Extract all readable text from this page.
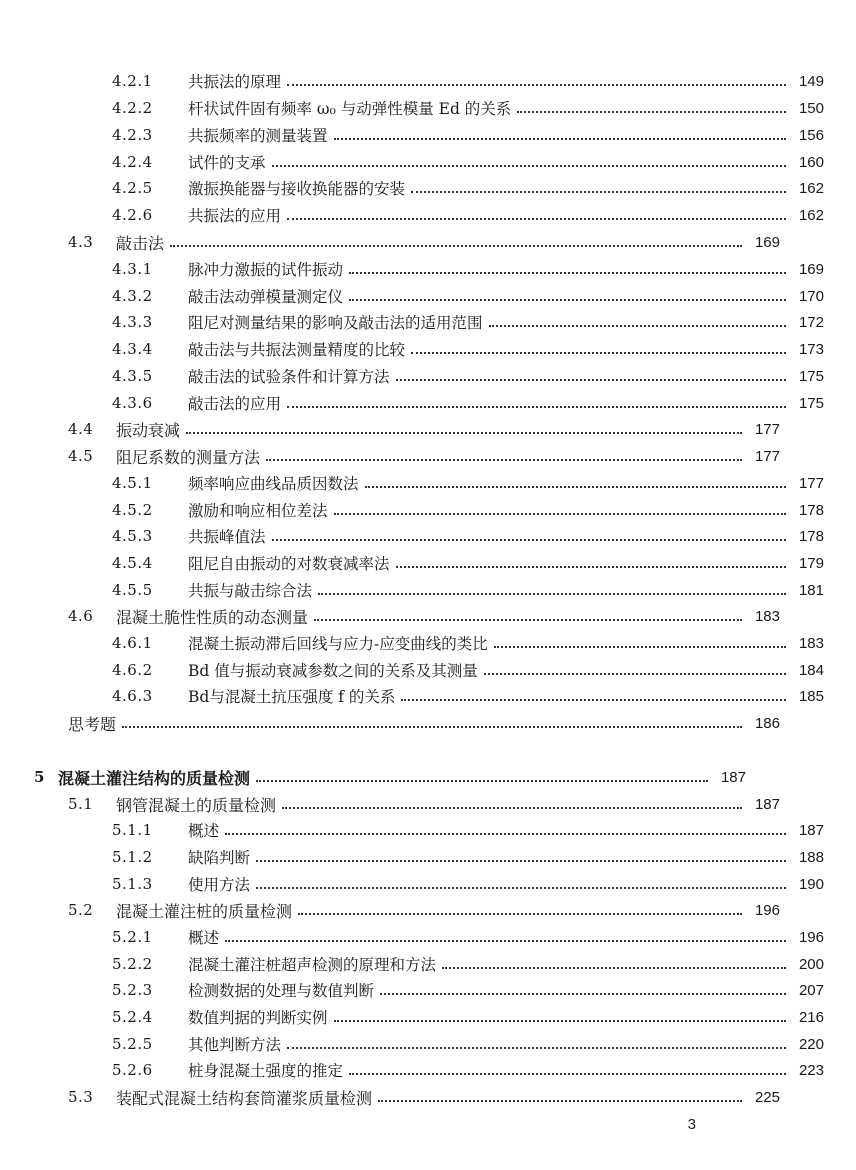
4.2.1	共振法的原理	149
4.2.2	杆状试件固有频率 ω₀ 与动弹性模量 Ed 的关系	150
4.2.3	共振频率的测量装置	156
4.2.4	试件的支承	160
4.2.5	激振换能器与接收换能器的安装	162
4.2.6	共振法的应用	162
4.3	敲击法	169
4.3.1	脉冲力激振的试件振动	169
4.3.2	敲击法动弹模量测定仪	170
4.3.3	阻尼对测量结果的影响及敲击法的适用范围	172
4.3.4	敲击法与共振法测量精度的比较	173
4.3.5	敲击法的试验条件和计算方法	175
4.3.6	敲击法的应用	175
4.4	振动衰减	177
4.5	阻尼系数的测量方法	177
4.5.1	频率响应曲线品质因数法	177
4.5.2	激励和响应相位差法	178
4.5.3	共振峰值法	178
4.5.4	阻尼自由振动的对数衰减率法	179
4.5.5	共振与敲击综合法	181
4.6	混凝土脆性性质的动态测量	183
4.6.1	混凝土振动滞后回线与应力-应变曲线的类比	183
4.6.2	Bd 值与振动衰减参数之间的关系及其测量	184
4.6.3	Bd与混凝土抗压强度 f 的关系	185
思考题	186
5 混凝土灌注结构的质量检测	187
5.1	钢管混凝土的质量检测	187
5.1.1	概述	187
5.1.2	缺陷判断	188
5.1.3	使用方法	190
5.2	混凝土灌注桩的质量检测	196
5.2.1	概述	196
5.2.2	混凝土灌注桩超声检测的原理和方法	200
5.2.3	检测数据的处理与数值判断	207
5.2.4	数值判据的判断实例	216
5.2.5	其他判断方法	220
5.2.6	桩身混凝土强度的推定	223
5.3	装配式混凝土结构套筒灌浆质量检测	225
3
